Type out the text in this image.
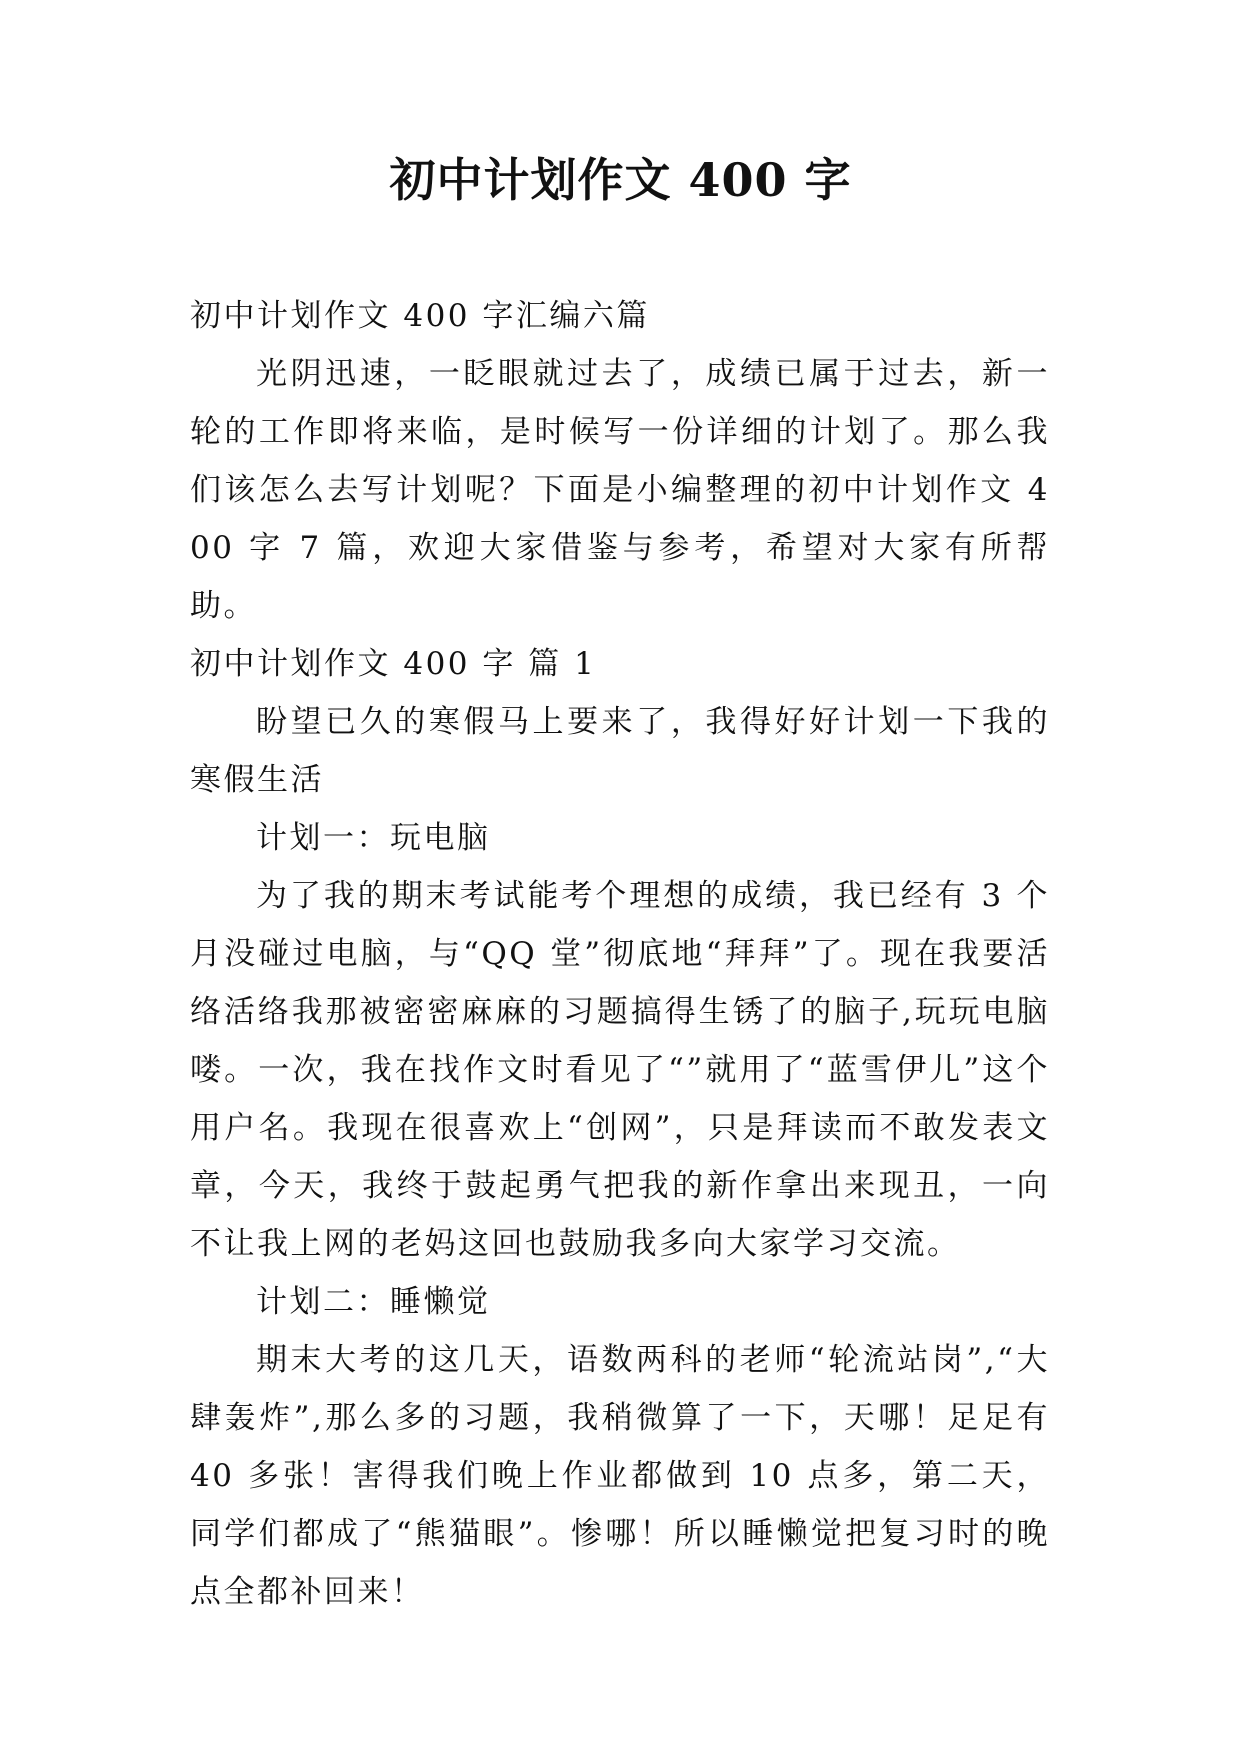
初中计划作文 400 字

初中计划作文 400 字汇编六篇

光阴迅速，一眨眼就过去了，成绩已属于过去，新一轮的工作即将来临，是时候写一份详细的计划了。那么我们该怎么去写计划呢？下面是小编整理的初中计划作文 400 字 7 篇，欢迎大家借鉴与参考，希望对大家有所帮助。

初中计划作文 400 字 篇 1

盼望已久的寒假马上要来了，我得好好计划一下我的寒假生活

计划一：玩电脑

为了我的期末考试能考个理想的成绩，我已经有 3 个月没碰过电脑，与“QQ 堂”彻底地“拜拜”了。现在我要活络活络我那被密密麻麻的习题搞得生锈了的脑子,玩玩电脑喽。一次，我在找作文时看见了“”就用了“蓝雪伊儿”这个用户名。我现在很喜欢上“创网”，只是拜读而不敢发表文章，今天，我终于鼓起勇气把我的新作拿出来现丑，一向不让我上网的老妈这回也鼓励我多向大家学习交流。

计划二：睡懒觉

期末大考的这几天，语数两科的老师“轮流站岗”,“大肆轰炸”,那么多的习题，我稍微算了一下，天哪！足足有 40 多张！害得我们晚上作业都做到 10 点多，第二天，同学们都成了“熊猫眼”。惨哪！所以睡懒觉把复习时的晚点全都补回来！
